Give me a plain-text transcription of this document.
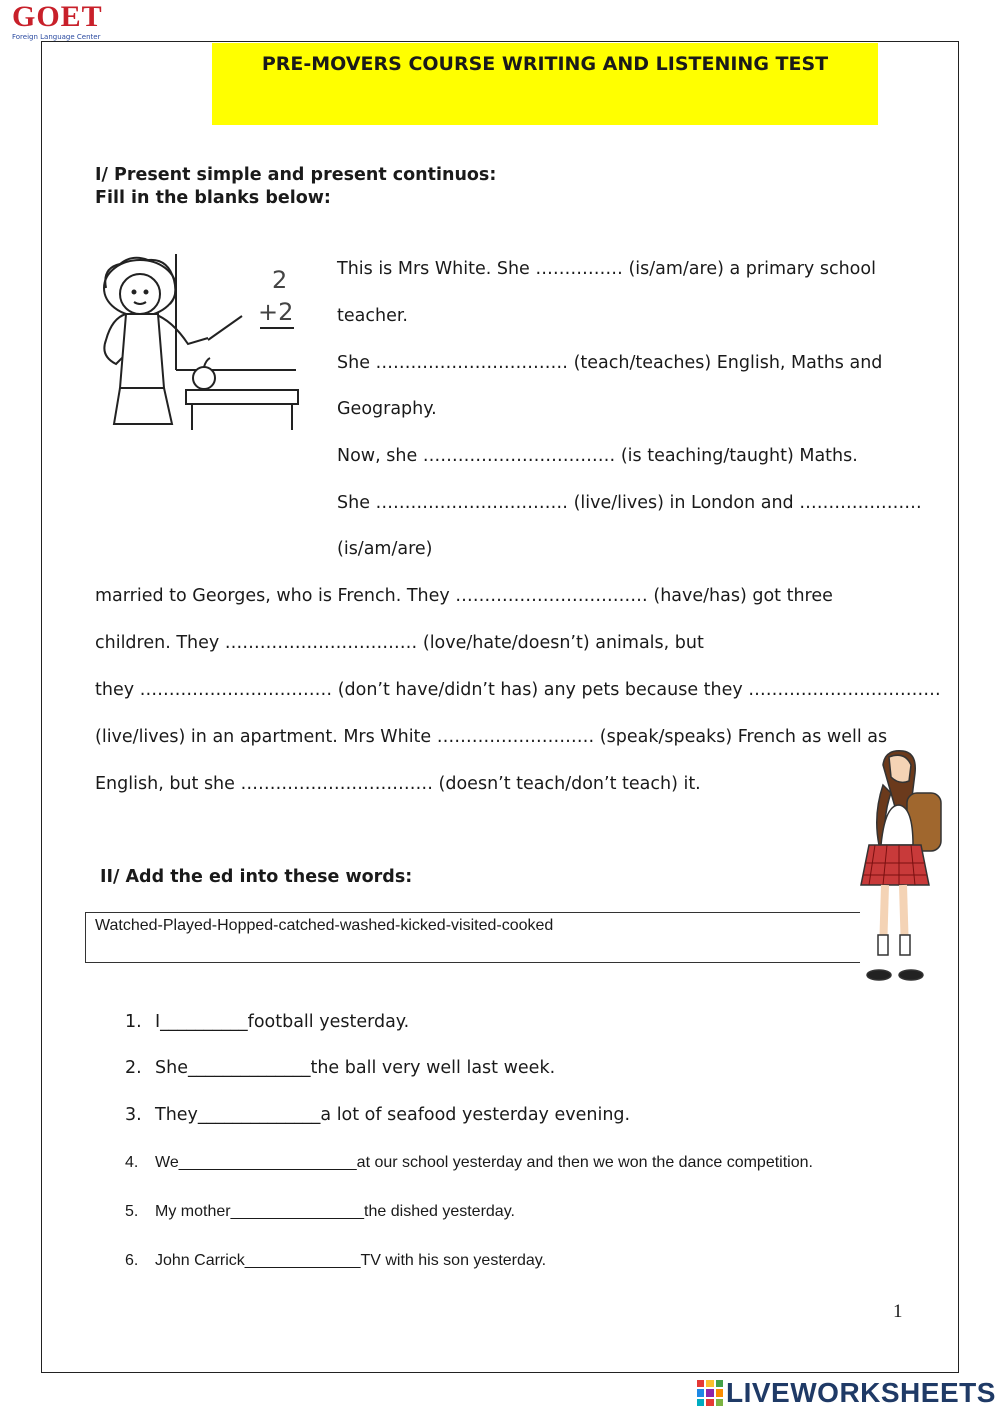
GOET
Foreign Language Center
PRE-MOVERS COURSE WRITING AND LISTENING TEST
I/ Present simple and present continuos:
Fill in the blanks below:
2
+2
This is Mrs White. She …………… (is/am/are) a primary school
teacher.
She …………………………… (teach/teaches) English, Maths and
Geography.
Now, she …………………………… (is teaching/taught) Maths.
She …………………………… (live/lives) in London and …………………
(is/am/are)
married to Georges, who is French. They …………………………… (have/has) got three
children. They …………………………… (love/hate/doesn’t) animals, but
they …………………………… (don’t have/didn’t has) any pets because they ……………………………
(live/lives) in an apartment. Mrs White ……………………… (speak/speaks) French as well as
English, but she …………………………… (doesn’t teach/don’t teach) it.
II/ Add the ed into these words:
Watched-Played-Hopped-catched-washed-kicked-visited-cooked
1. I__________football yesterday.
2. She______________the ball very well last week.
3. They______________a lot of seafood yesterday evening.
4. We____________________at our school yesterday and then we won the dance competition.
5. My mother_______________the dished yesterday.
6. John Carrick_____________TV with his son yesterday.
1
LIVEWORKSHEETS
